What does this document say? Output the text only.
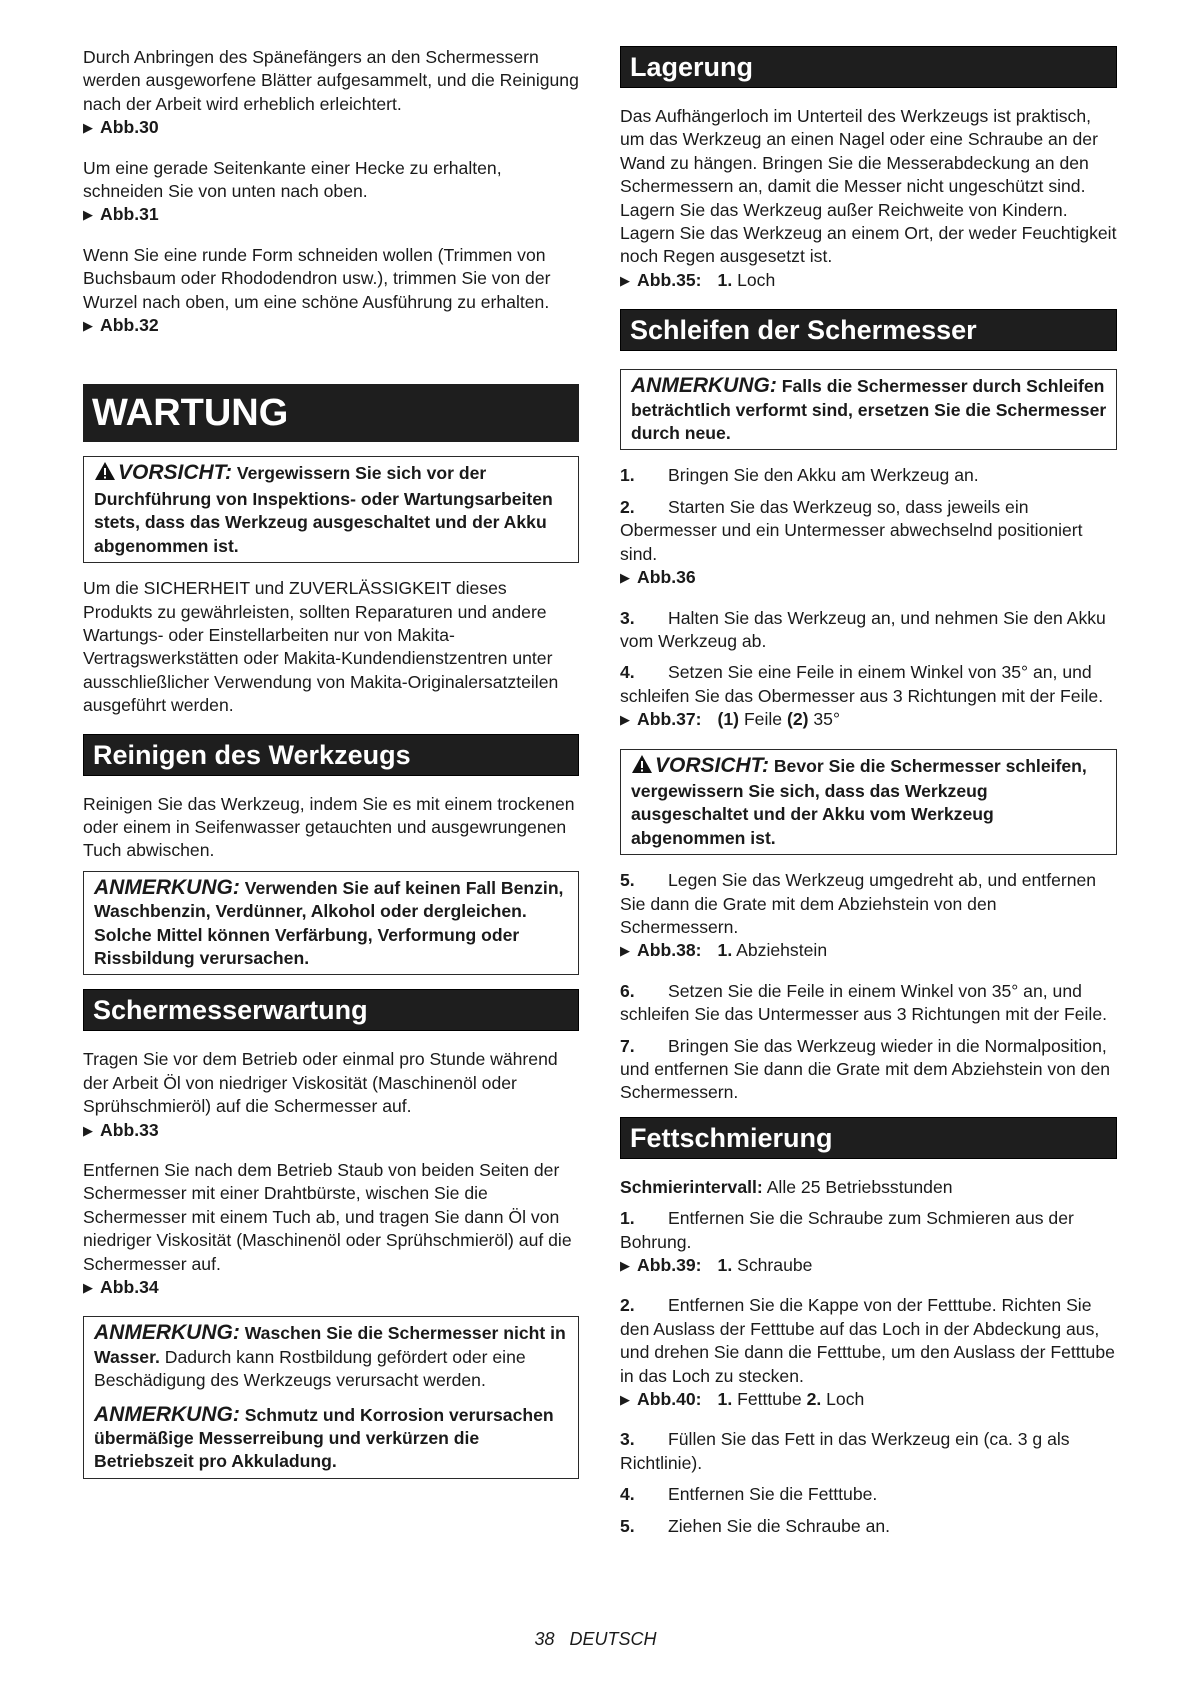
Durch Anbringen des Spänefängers an den Schermessern werden ausgeworfene Blätter aufgesammelt, und die Reinigung nach der Arbeit wird erheblich erleichtert.

▶ Abb.30

Um eine gerade Seitenkante einer Hecke zu erhalten, schneiden Sie von unten nach oben.

▶ Abb.31

Wenn Sie eine runde Form schneiden wollen (Trimmen von Buchsbaum oder Rhododendron usw.), trimmen Sie von der Wurzel nach oben, um eine schöne Ausführung zu erhalten.

▶ Abb.32
WARTUNG

VORSICHT: Vergewissern Sie sich vor der Durchführung von Inspektions- oder Wartungsarbeiten stets, dass das Werkzeug ausgeschaltet und der Akku abgenommen ist.

Um die SICHERHEIT und ZUVERLÄSSIGKEIT dieses Produkts zu gewährleisten, sollten Reparaturen und andere Wartungs- oder Einstellarbeiten nur von Makita-Vertragswerkstätten oder Makita-Kundendienstzentren unter ausschließlicher Verwendung von Makita-Originalersatzteilen ausgeführt werden.

Reinigen des Werkzeugs

Reinigen Sie das Werkzeug, indem Sie es mit einem trockenen oder einem in Seifenwasser getauchten und ausgewrungenen Tuch abwischen.

ANMERKUNG: Verwenden Sie auf keinen Fall Benzin, Waschbenzin, Verdünner, Alkohol oder dergleichen. Solche Mittel können Verfärbung, Verformung oder Rissbildung verursachen.

Schermesserwartung

Tragen Sie vor dem Betrieb oder einmal pro Stunde während der Arbeit Öl von niedriger Viskosität (Maschinenöl oder Sprühschmieröl) auf die Schermesser auf.

▶ Abb.33

Entfernen Sie nach dem Betrieb Staub von beiden Seiten der Schermesser mit einer Drahtbürste, wischen Sie die Schermesser mit einem Tuch ab, und tragen Sie dann Öl von niedriger Viskosität (Maschinenöl oder Sprühschmieröl) auf die Schermesser auf.

▶ Abb.34

ANMERKUNG: Waschen Sie die Schermesser nicht in Wasser. Dadurch kann Rostbildung gefördert oder eine Beschädigung des Werkzeugs verursacht werden.

ANMERKUNG: Schmutz und Korrosion verursachen übermäßige Messerreibung und verkürzen die Betriebszeit pro Akkuladung.

Lagerung

Das Aufhängerloch im Unterteil des Werkzeugs ist praktisch, um das Werkzeug an einen Nagel oder eine Schraube an der Wand zu hängen. Bringen Sie die Messerabdeckung an den Schermessern an, damit die Messer nicht ungeschützt sind. Lagern Sie das Werkzeug außer Reichweite von Kindern. Lagern Sie das Werkzeug an einem Ort, der weder Feuchtigkeit noch Regen ausgesetzt ist.

▶ Abb.35: 1. Loch
Schleifen der Schermesser

ANMERKUNG: Falls die Schermesser durch Schleifen beträchtlich verformt sind, ersetzen Sie die Schermesser durch neue.

1. Bringen Sie den Akku am Werkzeug an.

2. Starten Sie das Werkzeug so, dass jeweils ein Obermesser und ein Untermesser abwechselnd positioniert sind.

▶ Abb.36

3. Halten Sie das Werkzeug an, und nehmen Sie den Akku vom Werkzeug ab.

4. Setzen Sie eine Feile in einem Winkel von 35° an, und schleifen Sie das Obermesser aus 3 Richtungen mit der Feile.

▶ Abb.37: (1) Feile (2) 35°

VORSICHT: Bevor Sie die Schermesser schleifen, vergewissern Sie sich, dass das Werkzeug ausgeschaltet und der Akku vom Werkzeug abgenommen ist.

5. Legen Sie das Werkzeug umgedreht ab, und entfernen Sie dann die Grate mit dem Abziehstein von den Schermessern.

▶ Abb.38: 1. Abziehstein

6. Setzen Sie die Feile in einem Winkel von 35° an, und schleifen Sie das Untermesser aus 3 Richtungen mit der Feile.

7. Bringen Sie das Werkzeug wieder in die Normalposition, und entfernen Sie dann die Grate mit dem Abziehstein von den Schermessern.

Fettschmierung

Schmierintervall: Alle 25 Betriebsstunden

1. Entfernen Sie die Schraube zum Schmieren aus der Bohrung.

▶ Abb.39: 1. Schraube

2. Entfernen Sie die Kappe von der Fetttube. Richten Sie den Auslass der Fetttube auf das Loch in der Abdeckung aus, und drehen Sie dann die Fetttube, um den Auslass der Fetttube in das Loch zu stecken.

▶ Abb.40: 1. Fetttube 2. Loch

3. Füllen Sie das Fett in das Werkzeug ein (ca. 3 g als Richtlinie).

4. Entfernen Sie die Fetttube.

5. Ziehen Sie die Schraube an.

38 DEUTSCH
